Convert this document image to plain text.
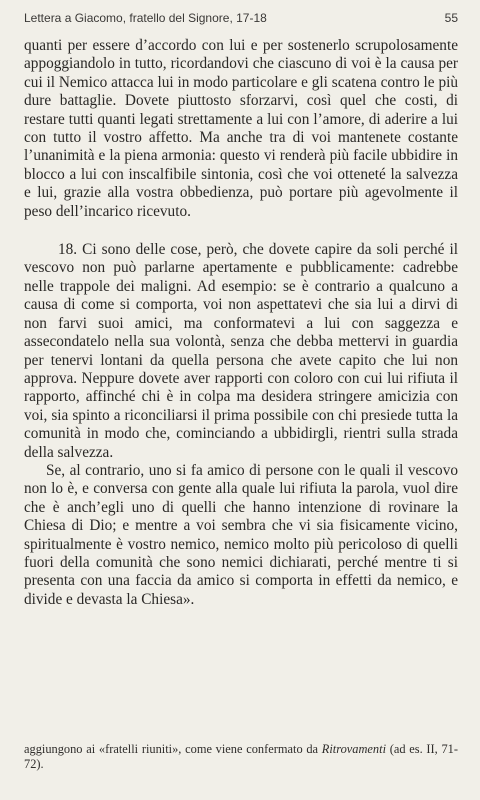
Lettera a Giacomo, fratello del Signore, 17-18	55

quanti per essere d’accordo con lui e per sostenerlo scrupolosamente appoggiandolo in tutto, ricordandovi che ciascuno di voi è la causa per cui il Nemico attacca lui in modo particolare e gli scatena contro le più dure battaglie. Dovete piuttosto sforzarvi, così quel che costi, di restare tutti quanti legati strettamente a lui con l’amore, di aderire a lui con tutto il vostro affetto. Ma anche tra di voi mantenete costante l’unanimità e la piena armonia: questo vi renderà più facile ubbidire in blocco a lui con inscalfibile sintonia, così che voi otteneté la salvezza e lui, grazie alla vostra obbedienza, può portare più agevolmente il peso dell’incarico ricevuto.

18. Ci sono delle cose, però, che dovete capire da soli perché il vescovo non può parlarne apertamente e pubblicamente: cadrebbe nelle trappole dei maligni. Ad esempio: se è contrario a qualcuno a causa di come si comporta, voi non aspettatevi che sia lui a dirvi di non farvi suoi amici, ma conformatevi a lui con saggezza e assecondatelo nella sua volontà, senza che debba mettervi in guardia per tenervi lontani da quella persona che avete capito che lui non approva. Neppure dovete aver rapporti con coloro con cui lui rifiuta il rapporto, affinché chi è in colpa ma desidera stringere amicizia con voi, sia spinto a riconciliarsi il prima possibile con chi presiede tutta la comunità in modo che, cominciando a ubbidirgli, rientri sulla strada della salvezza.

Se, al contrario, uno si fa amico di persone con le quali il vescovo non lo è, e conversa con gente alla quale lui rifiuta la parola, vuol dire che è anch’egli uno di quelli che hanno intenzione di rovinare la Chiesa di Dio; e mentre a voi sembra che vi sia fisicamente vicino, spiritualmente è vostro nemico, nemico molto più pericoloso di quelli fuori della comunità che sono nemici dichiarati, perché mentre ti si presenta con una faccia da amico si comporta in effetti da nemico, e divide e devasta la Chiesa».

aggiungono ai «fratelli riuniti», come viene confermato da Ritrovamenti (ad es. II, 71-72).
